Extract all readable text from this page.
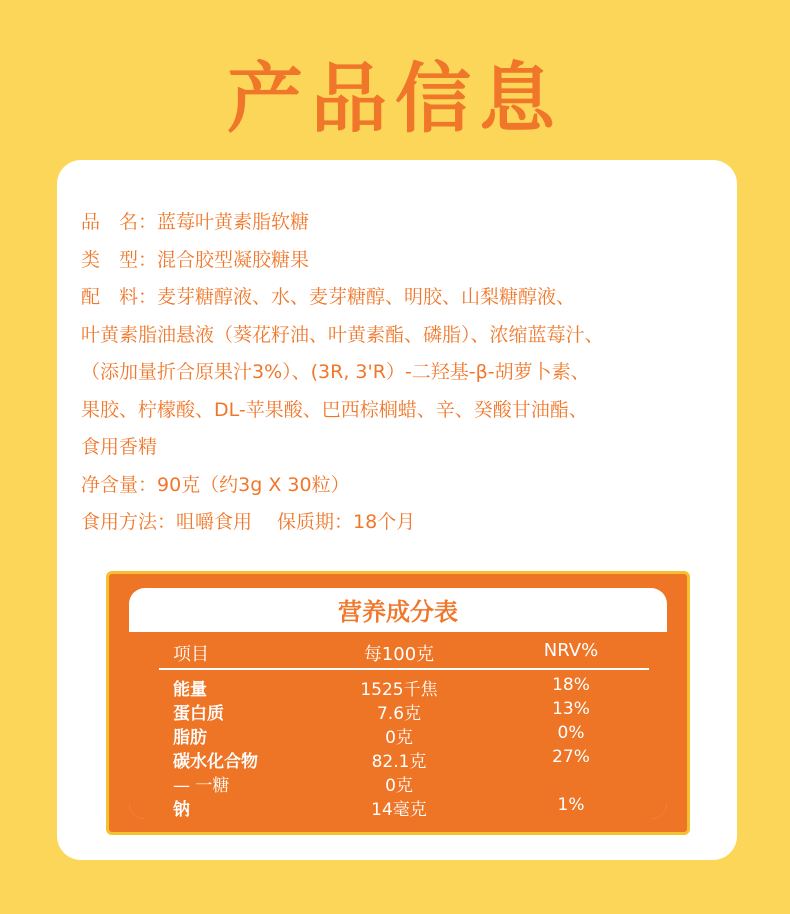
产品信息
品　名：蓝莓叶黄素脂软糖
类　型：混合胶型凝胶糖果
配　料：麦芽糖醇液、水、麦芽糖醇、明胶、山梨糖醇液、
叶黄素脂油悬液（葵花籽油、叶黄素酯、磷脂）、浓缩蓝莓汁、
（添加量折合原果汁3%）、(3R, 3'R）-二羟基-β-胡萝卜素、
果胶、柠檬酸、DL-苹果酸、巴西棕榈蜡、辛、癸酸甘油酯、
食用香精
净含量：90克（约3g X 30粒）
食用方法：咀嚼食用　 保质期：18个月
营养成分表
项目	每100克	NRV%
能量	1525千焦	18%
蛋白质	7.6克	13%
脂肪	0克	0%
碳水化合物	82.1克	27%
— 一糖	0克
钠	14毫克	1%
